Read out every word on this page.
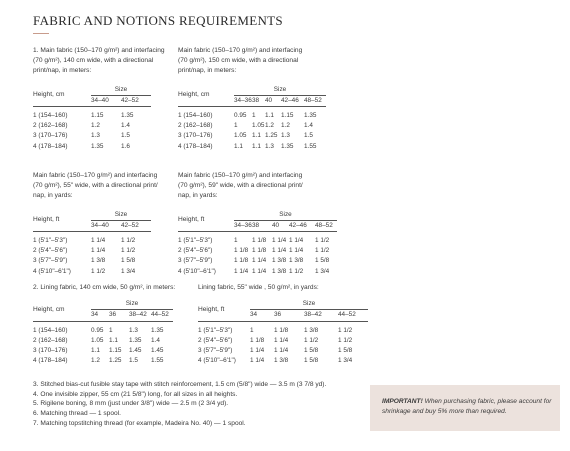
FABRIC AND NOTIONS REQUIREMENTS
1. Main fabric (150–170 g/m²) and interfacing
(70 g/m²), 140 cm wide, with a directional
print/nap, in meters:
Height, cm	Size	
	34–40	42–52

1 (154–160)	1.15	1.35
2 (162–168)	1.2	1.4
3 (170–176)	1.3	1.5
4 (178–184)	1.35	1.6
Main fabric (150–170 g/m²) and interfacing
(70 g/m²), 150 cm wide, with a directional
print/nap, in meters:
Height, cm	Size				
	34–36	38	40	42–46	48–52

1 (154–160)	0.95	1	1.1	1.15	1.35
2 (162–168)	1	1.05	1.2	1.2	1.4
3 (170–176)	1.05	1.1	1.25	1.3	1.5
4 (178–184)	1.1	1.1	1.3	1.35	1.55
Main fabric (150–170 g/m²) and interfacing
(70 g/m²), 55" wide, with a directional print/
nap, in yards:
Height, ft	Size	
	34–40	42–52

1 (5'1"–5'3")	1 1/4	1 1/2
2 (5'4"–5'6")	1 1/4	1 1/2
3 (5'7"–5'9")	1 3/8	1 5/8
4 (5'10"–6'1")	1 1/2	1 3/4
Main fabric (150–170 g/m²) and interfacing
(70 g/m²), 59" wide, with a directional print/
nap, in yards:
Height, ft	Size				
	34–36	38	40	42–46	48–52

1 (5'1"–5'3")	1	1 1/8	1 1/4	1 1/4	1 1/2
2 (5'4"–5'6")	1 1/8	1 1/8	1 1/4	1 1/4	1 1/2
3 (5'7"–5'9")	1 1/8	1 1/4	1 3/8	1 3/8	1 5/8
4 (5'10"–6'1")	1 1/4	1 1/4	1 3/8	1 1/2	1 3/4
2. Lining fabric, 140 cm wide, 50 g/m², in meters:
Height, cm	Size			
	34	36	38–42	44–52

1 (154–160)	0.95	1	1.3	1.35
2 (162–168)	1.05	1.1	1.35	1.4
3 (170–176)	1.1	1.15	1.45	1.45
4 (178–184)	1.2	1.25	1.5	1.55
Lining fabric, 55" wide , 50 g/m², in yards:
Height, ft	Size			
	34	36	38–42	44–52

1 (5'1"–5'3")	1	1 1/8	1 3/8	1 1/2
2 (5'4"–5'6")	1 1/8	1 1/4	1 1/2	1 1/2
3 (5'7"–5'9")	1 1/4	1 1/4	1 5/8	1 5/8
4 (5'10"–6'1")	1 1/4	1 3/8	1 5/8	1 3/4
3. Stitched bias-cut fusible stay tape with stitch reinforcement, 1.5 cm (5/8") wide — 3.5 m (3 7/8 yd).
4. One invisible zipper, 55 cm (21 5/8") long, for all sizes in all heights.
5. Rigilene boning, 8 mm (just under 3/8") wide — 2.5 m (2 3/4 yd).
6. Matching thread — 1 spool.
7. Matching topstitching thread (for example, Madeira No. 40) — 1 spool.
IMPORTANT! When purchasing fabric, please account for shrinkage and buy 5% more than required.
